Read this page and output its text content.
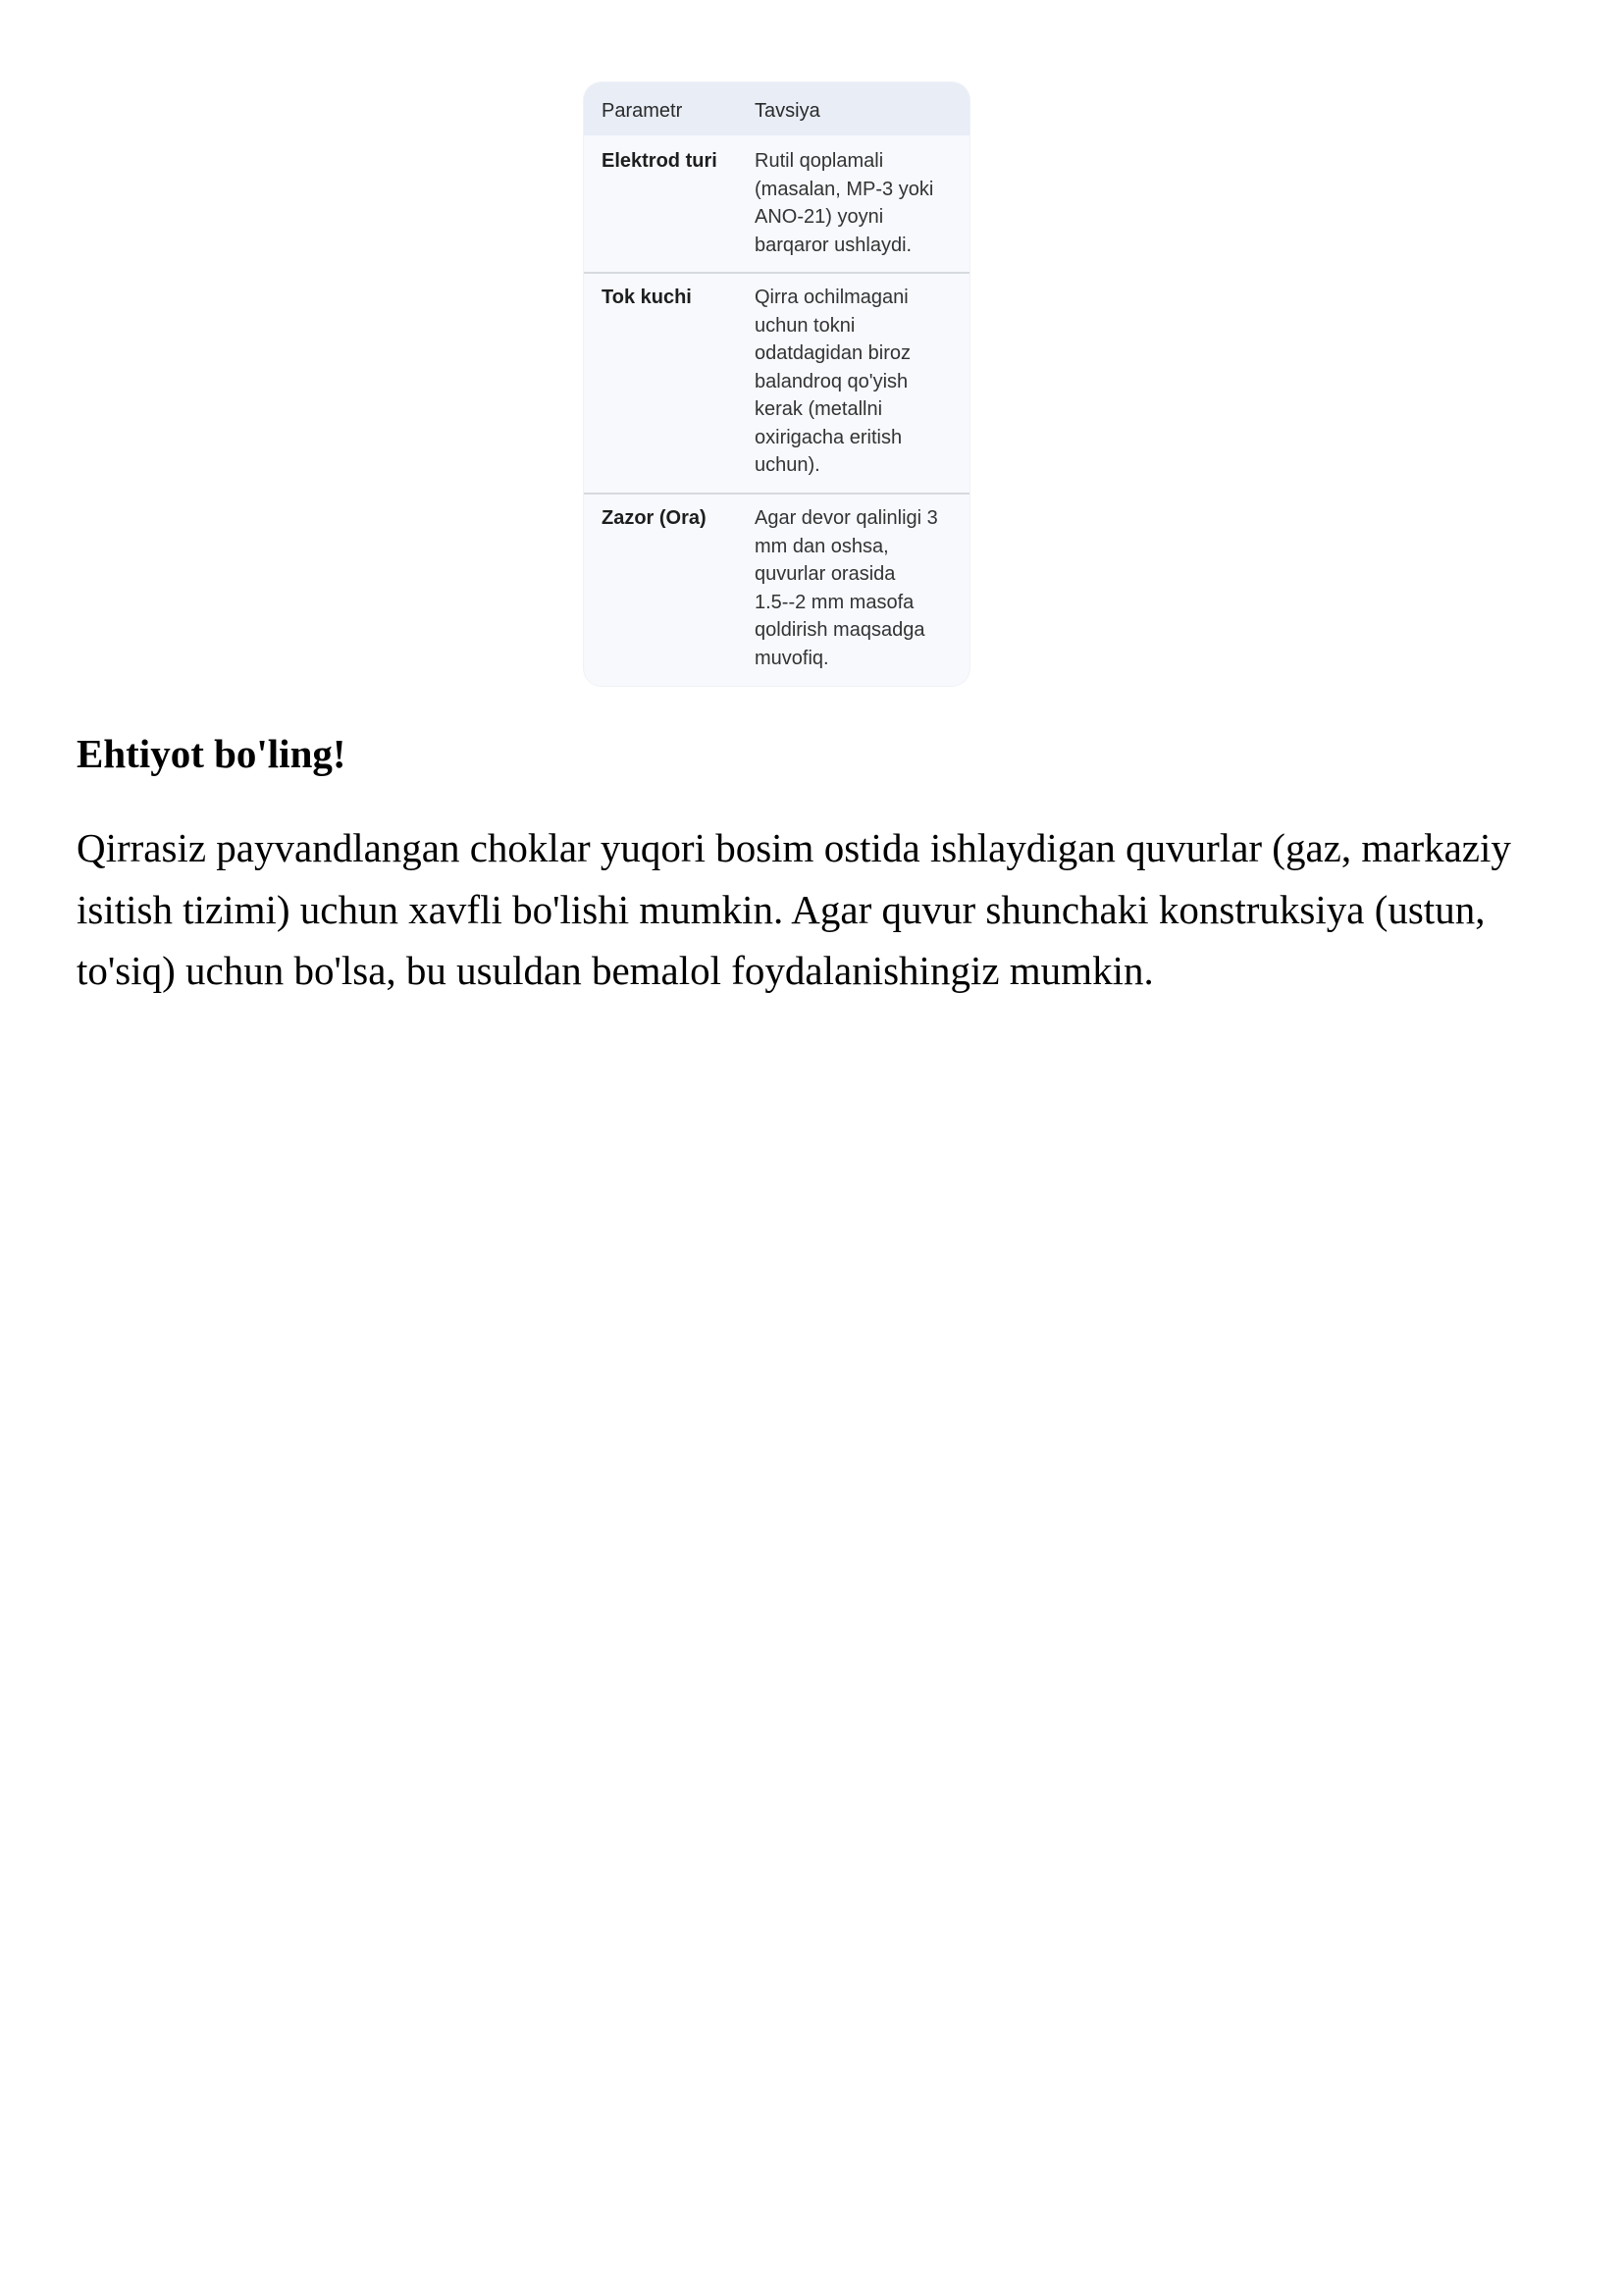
Parametr	Tavsiya
Elektrod turi Rutil qoplamali
(masalan, MP-3 yoki
ANO-21) yoyni
barqaror ushlaydi.
Tok kuchi	Qirra ochilmagani
uchun tokni
odatdagidan biroz
balandroq qo'yish
kerak (metallni
oxirigacha eritish
uchun).
Zazor (Ora) Agar devor qalinligi 3
mm dan oshsa,
quvurlar orasida
1.5--2 mm masofa
qoldirish maqsadga
muvofiq.
Ehtiyot bo'ling!

Qirrasiz payvandlangan choklar yuqori bosim ostida ishlaydigan quvurlar (gaz, markaziy isitish tizimi) uchun xavfli bo'lishi mumkin. Agar quvur shunchaki konstruksiya (ustun, to'siq) uchun bo'lsa, bu usuldan bemalol foydalanishingiz mumkin.
